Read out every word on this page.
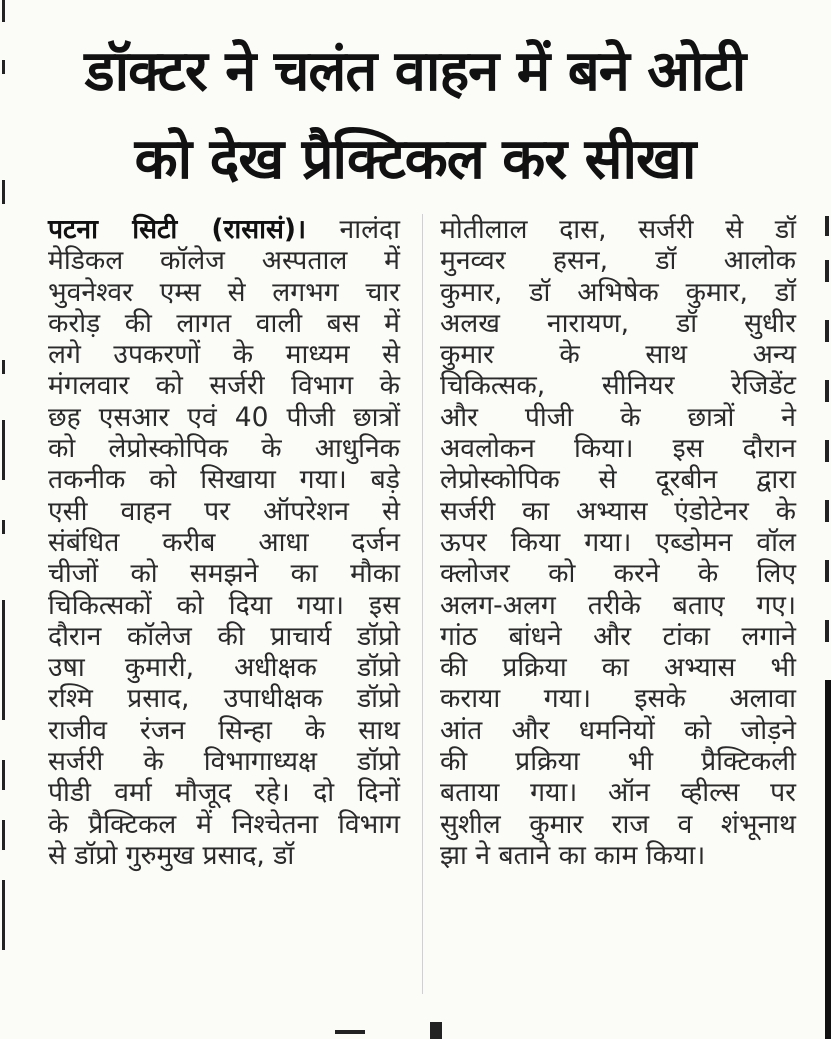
डॉक्टर ने चलंत वाहन में बने ओटी
को देख प्रैक्टिकल कर सीखा
पटना सिटी (रासासं)। नालंदा
मेडिकल कॉलेज अस्पताल में
भुवनेश्वर एम्स से लगभग चार
करोड़ की लागत वाली बस में
लगे उपकरणों के माध्यम से
मंगलवार को सर्जरी विभाग के
छह एसआर एवं 40 पीजी छात्रों
को लेप्रोस्कोपिक के आधुनिक
तकनीक को सिखाया गया। बड़े
एसी वाहन पर ऑपरेशन से
संबंधित करीब आधा दर्जन
चीजों को समझने का मौका
चिकित्सकों को दिया गया। इस
दौरान कॉलेज की प्राचार्य डॉप्रो
उषा कुमारी, अधीक्षक डॉप्रो
रश्मि प्रसाद, उपाधीक्षक डॉप्रो
राजीव रंजन सिन्हा के साथ
सर्जरी के विभागाध्यक्ष डॉप्रो
पीडी वर्मा मौजूद रहे। दो दिनों
के प्रैक्टिकल में निश्चेतना विभाग
से डॉप्रो गुरुमुख प्रसाद, डॉ
मोतीलाल दास, सर्जरी से डॉ
मुनव्वर हसन, डॉ आलोक
कुमार, डॉ अभिषेक कुमार, डॉ
अलख नारायण, डॉ सुधीर
कुमार के साथ अन्य
चिकित्सक, सीनियर रेजिडेंट
और पीजी के छात्रों ने
अवलोकन किया। इस दौरान
लेप्रोस्कोपिक से दूरबीन द्वारा
सर्जरी का अभ्यास एंडोटेनर के
ऊपर किया गया। एब्डोमन वॉल
क्लोजर को करने के लिए
अलग-अलग तरीके बताए गए।
गांठ बांधने और टांका लगाने
की प्रक्रिया का अभ्यास भी
कराया गया। इसके अलावा
आंत और धमनियों को जोड़ने
की प्रक्रिया भी प्रैक्टिकली
बताया गया। ऑन व्हील्स पर
सुशील कुमार राज व शंभूनाथ
झा ने बताने का काम किया।
